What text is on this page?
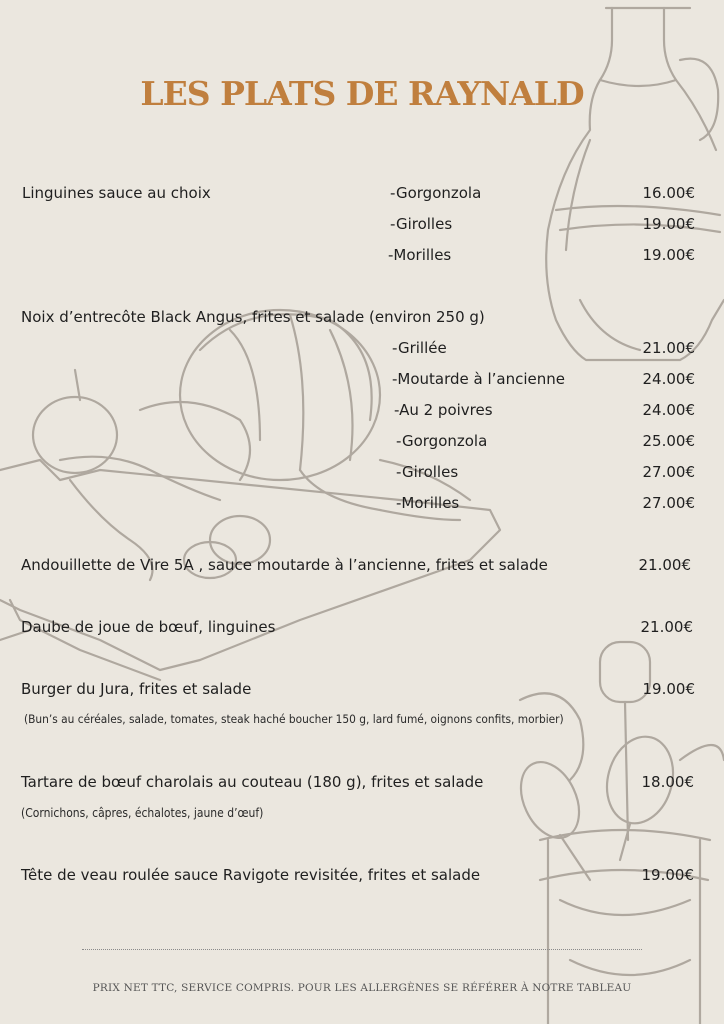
LES PLATS DE RAYNALD
Linguines sauce au choix	-Gorgonzola	16.00€
-Girolles	19.00€
-Morilles	19.00€
Noix d’entrecôte Black Angus, frites et salade (environ 250 g)
-Grillée	21.00€
-Moutarde à l’ancienne	24.00€
-Au 2 poivres	24.00€
-Gorgonzola	25.00€
-Girolles	27.00€
-Morilles	27.00€
Andouillette de Vire 5A , sauce moutarde à l’ancienne, frites et salade	21.00€
Daube de joue de bœuf, linguines	21.00€
Burger du Jura, frites et salade	19.00€
(Bun’s au céréales, salade, tomates, steak haché boucher 150 g, lard fumé, oignons confits, morbier)
Tartare de bœuf charolais au couteau (180 g), frites et salade	18.00€
(Cornichons, câpres, échalotes, jaune d’œuf)
Tête de veau roulée sauce Ravigote revisitée, frites et salade	19.00€
PRIX NET TTC, SERVICE COMPRIS. POUR LES ALLERGÈNES SE RÉFÉRER À NOTRE TABLEAU
